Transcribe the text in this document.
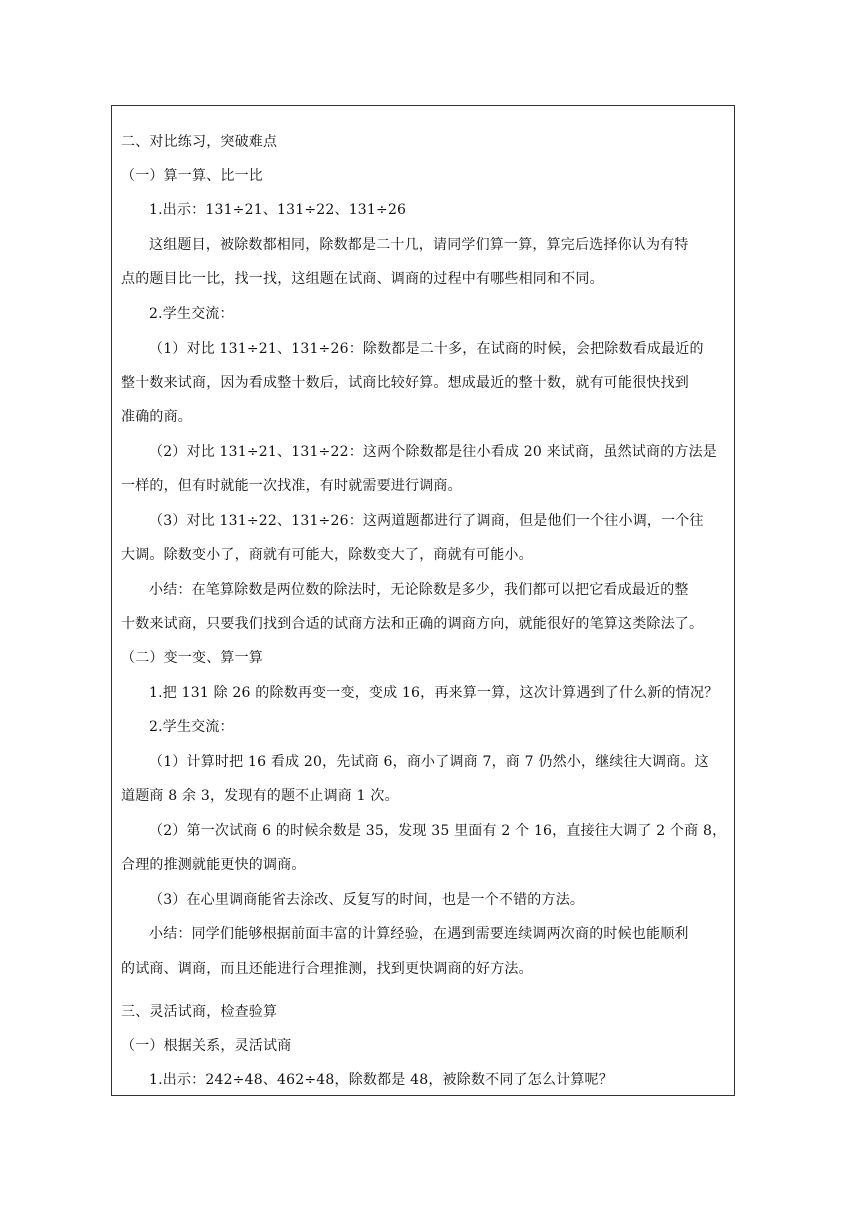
二、对比练习，突破难点
（一）算一算、比一比
1.出示：131÷21、131÷22、131÷26
这组题目，被除数都相同，除数都是二十几，请同学们算一算，算完后选择你认为有特
点的题目比一比，找一找，这组题在试商、调商的过程中有哪些相同和不同。
2.学生交流：
（1）对比 131÷21、131÷26：除数都是二十多，在试商的时候，会把除数看成最近的
整十数来试商，因为看成整十数后，试商比较好算。想成最近的整十数，就有可能很快找到
准确的商。
（2）对比 131÷21、131÷22：这两个除数都是往小看成 20 来试商，虽然试商的方法是
一样的，但有时就能一次找准，有时就需要进行调商。
（3）对比 131÷22、131÷26：这两道题都进行了调商，但是他们一个往小调，一个往
大调。除数变小了，商就有可能大，除数变大了，商就有可能小。
小结：在笔算除数是两位数的除法时，无论除数是多少，我们都可以把它看成最近的整
十数来试商，只要我们找到合适的试商方法和正确的调商方向，就能很好的笔算这类除法了。
（二）变一变、算一算
1.把 131 除 26 的除数再变一变，变成 16，再来算一算，这次计算遇到了什么新的情况？
2.学生交流：
（1）计算时把 16 看成 20，先试商 6，商小了调商 7，商 7 仍然小，继续往大调商。这
道题商 8 余 3，发现有的题不止调商 1 次。
（2）第一次试商 6 的时候余数是 35，发现 35 里面有 2 个 16，直接往大调了 2 个商 8，
合理的推测就能更快的调商。
（3）在心里调商能省去涂改、反复写的时间，也是一个不错的方法。
小结：同学们能够根据前面丰富的计算经验，在遇到需要连续调两次商的时候也能顺利
的试商、调商，而且还能进行合理推测，找到更快调商的好方法。
三、灵活试商，检查验算
（一）根据关系，灵活试商
1.出示：242÷48、462÷48，除数都是 48，被除数不同了怎么计算呢？
